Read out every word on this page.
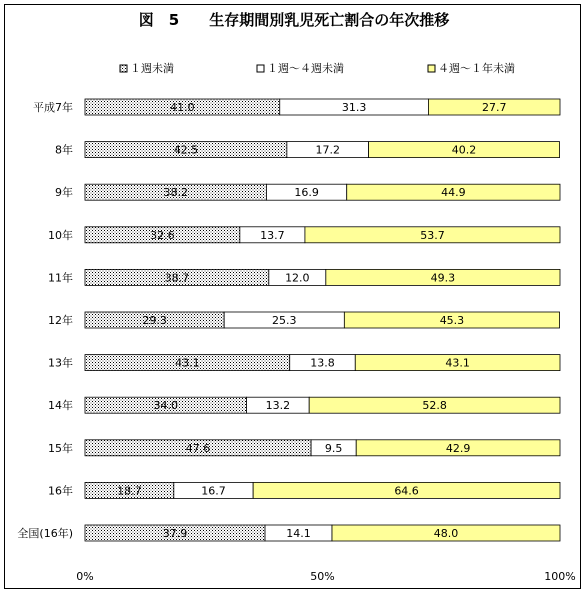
図　5　　生存期間別乳児死亡割合の年次推移
１週未満	１週～４週未満	４週～１年未満
平成7年	41.0	31.3	27.7
8年	42.5	17.2	40.2
9年	38.2	16.9	44.9
10年	32.6	13.7	53.7
11年	38.7	12.0	49.3
12年	29.3	25.3	45.3
13年	43.1	13.8	43.1
14年	34.0	13.2	52.8
15年	47.6	9.5	42.9
16年	18.7	16.7	64.6
全国(16年)	37.9	14.1	48.0
0%	50%	100%
